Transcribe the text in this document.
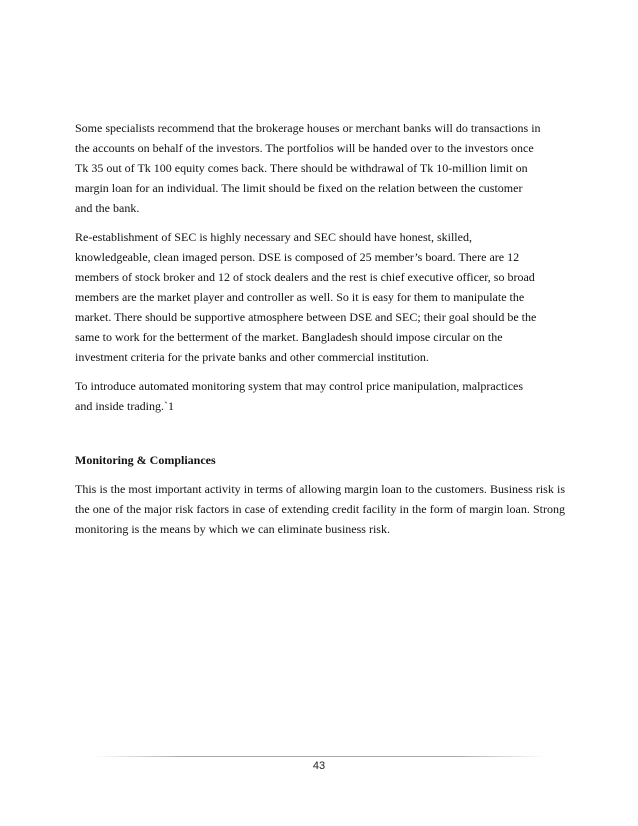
Some specialists recommend that the brokerage houses or merchant banks will do transactions in
the accounts on behalf of the investors. The portfolios will be handed over to the investors once
Tk 35 out of Tk 100 equity comes back. There should be withdrawal of Tk 10-million limit on
margin loan for an individual. The limit should be fixed on the relation between the customer
and the bank.
Re-establishment of SEC is highly necessary and SEC should have honest, skilled,
knowledgeable, clean imaged person. DSE is composed of 25 member’s board. There are 12
members of stock broker and 12 of stock dealers and the rest is chief executive officer, so broad
members are the market player and controller as well. So it is easy for them to manipulate the
market. There should be supportive atmosphere between DSE and SEC; their goal should be the
same to work for the betterment of the market. Bangladesh should impose circular on the
investment criteria for the private banks and other commercial institution.
To introduce automated monitoring system that may control price manipulation, malpractices
and inside trading.`1
Monitoring & Compliances
This is the most important activity in terms of allowing margin loan to the customers. Business risk is the one of the major risk factors in case of extending credit facility in the form of margin loan. Strong monitoring is the means by which we can eliminate business risk.
43
